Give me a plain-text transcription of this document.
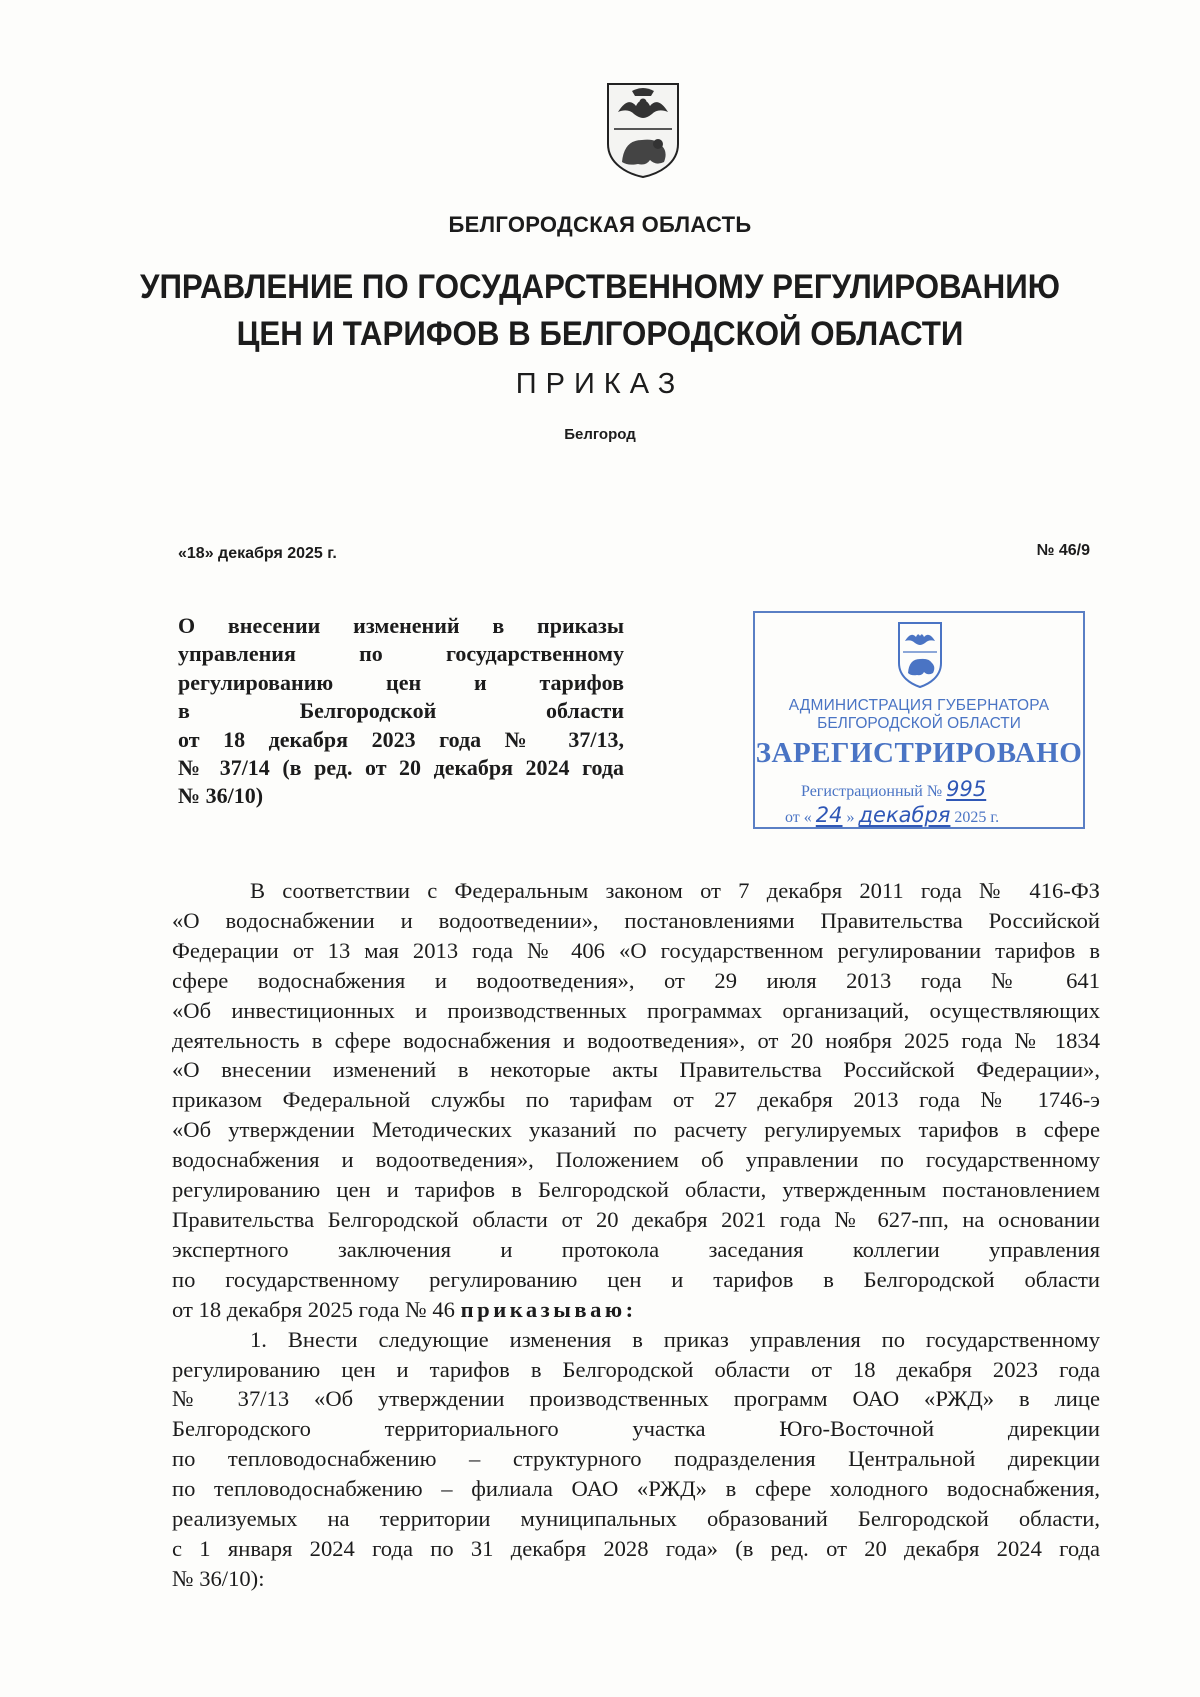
БЕЛГОРОДСКАЯ ОБЛАСТЬ
УПРАВЛЕНИЕ ПО ГОСУДАРСТВЕННОМУ РЕГУЛИРОВАНИЮ
ЦЕН И ТАРИФОВ В БЕЛГОРОДСКОЙ ОБЛАСТИ
ПРИКАЗ
Белгород
«18» декабря 2025 г.	№ 46/9
О внесении изменений в приказы
управления по государственному
регулированию цен и тарифов
в Белгородской области
от 18 декабря 2023 года № 37/13,
№ 37/14 (в ред. от 20 декабря 2024 года
№ 36/10)
АДМИНИСТРАЦИЯ ГУБЕРНАТОРА
БЕЛГОРОДСКОЙ ОБЛАСТИ
ЗАРЕГИСТРИРОВАНО
Регистрационный № 995
от « 24 » декабря 2025 г.
В соответствии с Федеральным законом от 7 декабря 2011 года № 416-ФЗ
«О водоснабжении и водоотведении», постановлениями Правительства Российской
Федерации от 13 мая 2013 года № 406 «О государственном регулировании тарифов в
сфере водоснабжения и водоотведения», от 29 июля 2013 года № 641
«Об инвестиционных и производственных программах организаций, осуществляющих
деятельность в сфере водоснабжения и водоотведения», от 20 ноября 2025 года № 1834
«О внесении изменений в некоторые акты Правительства Российской Федерации»,
приказом Федеральной службы по тарифам от 27 декабря 2013 года № 1746-э
«Об утверждении Методических указаний по расчету регулируемых тарифов в сфере
водоснабжения и водоотведения», Положением об управлении по государственному
регулированию цен и тарифов в Белгородской области, утвержденным постановлением
Правительства Белгородской области от 20 декабря 2021 года № 627-пп, на основании
экспертного заключения и протокола заседания коллегии управления
по государственному регулированию цен и тарифов в Белгородской области
от 18 декабря 2025 года № 46 приказываю:
1. Внести следующие изменения в приказ управления по государственному
регулированию цен и тарифов в Белгородской области от 18 декабря 2023 года
№ 37/13 «Об утверждении производственных программ ОАО «РЖД» в лице
Белгородского территориального участка Юго-Восточной дирекции
по тепловодоснабжению – структурного подразделения Центральной дирекции
по тепловодоснабжению – филиала ОАО «РЖД» в сфере холодного водоснабжения,
реализуемых на территории муниципальных образований Белгородской области,
с 1 января 2024 года по 31 декабря 2028 года» (в ред. от 20 декабря 2024 года
№ 36/10):
